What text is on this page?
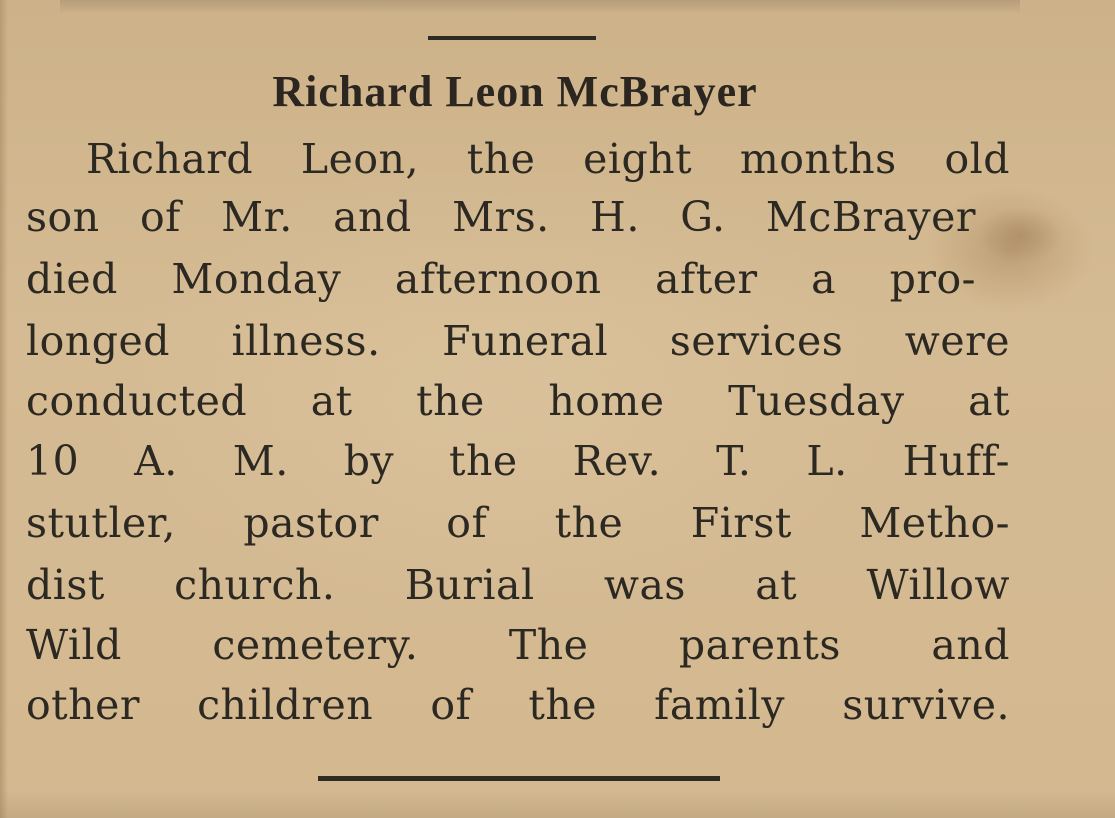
Richard Leon McBrayer
Richard Leon, the eight months old
son of Mr. and Mrs. H. G. McBrayer
died Monday afternoon after a pro-
longed illness. Funeral services were
conducted at the home Tuesday at
10 A. M. by the Rev. T. L. Huff-
stutler, pastor of the First Metho-
dist church. Burial was at Willow
Wild cemetery. The parents and
other children of the family survive.
